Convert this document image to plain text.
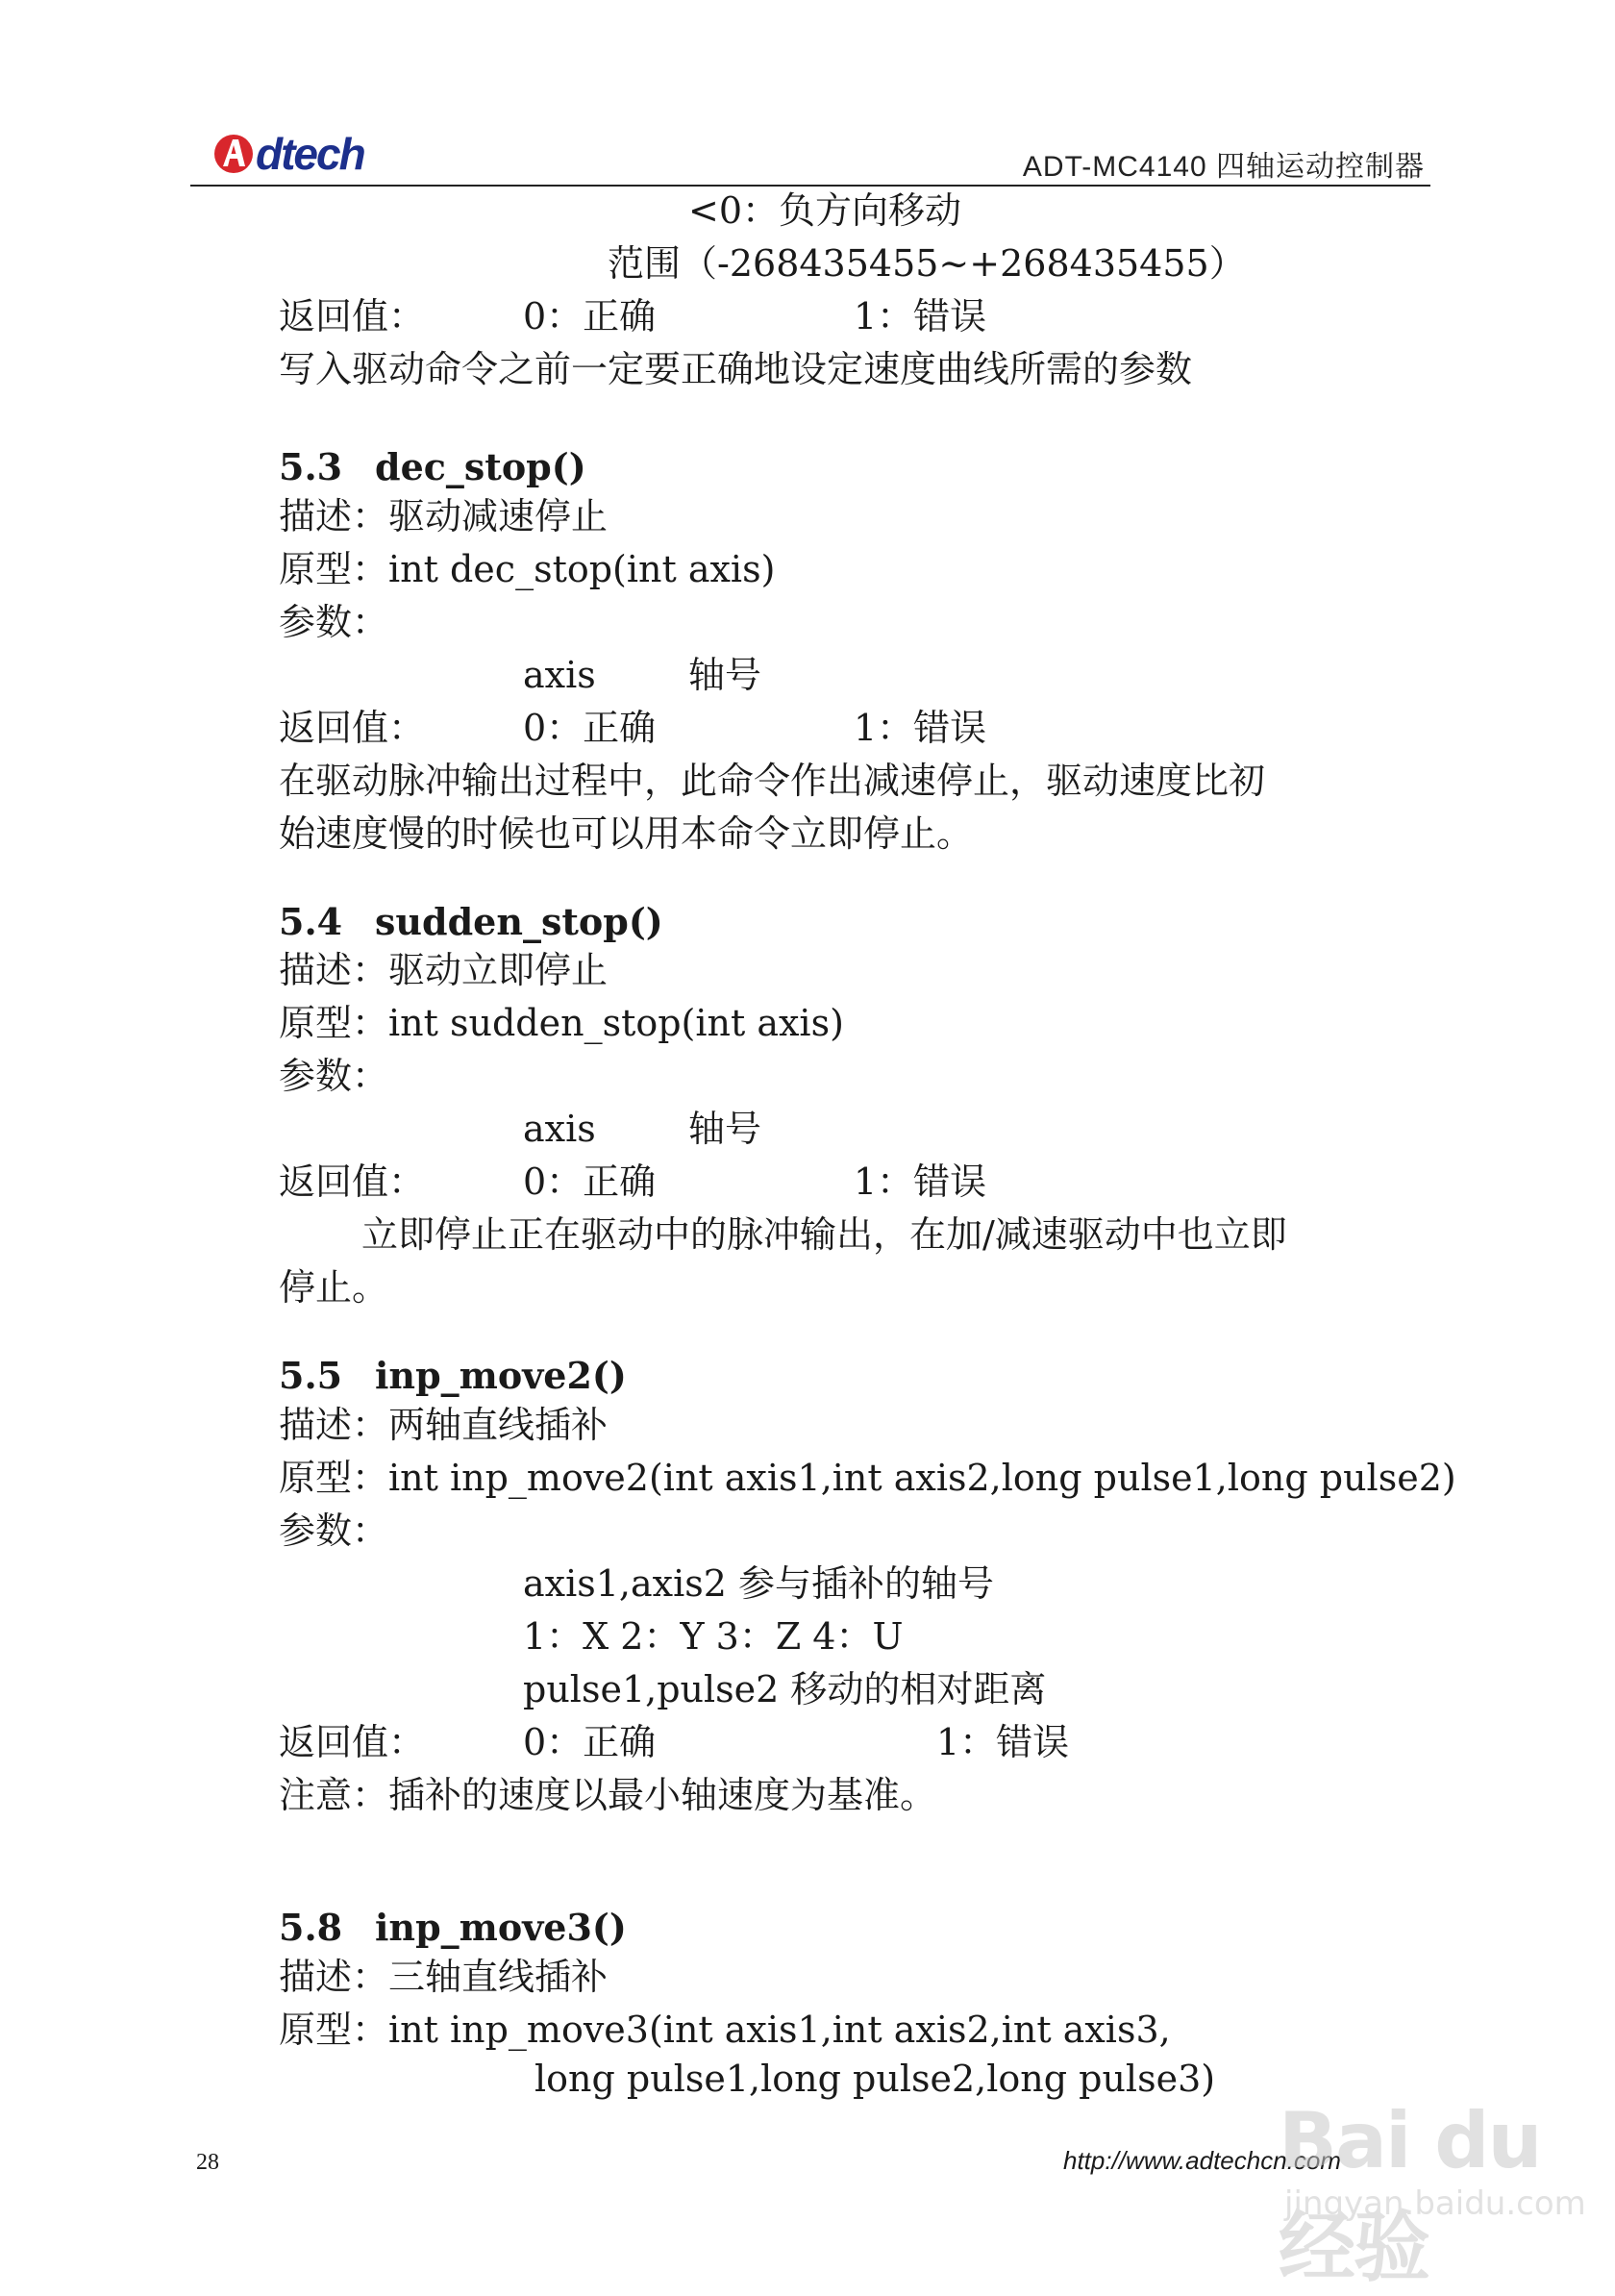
dtech	ADT-MC4140 四轴运动控制器
<0：负方向移动
范围（-268435455~+268435455）
返回值：	0：正确	1：错误
写入驱动命令之前一定要正确地设定速度曲线所需的参数
5.3 dec_stop()
描述：驱动减速停止
原型：int dec_stop(int axis)
参数：
axis	轴号
返回值：	0：正确	1：错误
在驱动脉冲输出过程中，此命令作出减速停止，驱动速度比初
始速度慢的时候也可以用本命令立即停止。
5.4 sudden_stop()
描述：驱动立即停止
原型：int sudden_stop(int axis)
参数：
axis	轴号
返回值：	0：正确	1：错误
立即停止正在驱动中的脉冲输出，在加/减速驱动中也立即
停止。
5.5 inp_move2()
描述：两轴直线插补
原型：int inp_move2(int axis1,int axis2,long pulse1,long pulse2)
参数：
axis1,axis2 参与插补的轴号
1：X 2：Y 3：Z 4：U
pulse1,pulse2 移动的相对距离
返回值：	0：正确	1：错误
注意：插补的速度以最小轴速度为基准。
5.8 inp_move3()
描述：三轴直线插补
原型：int inp_move3(int axis1,int axis2,int axis3,
long pulse1,long pulse2,long pulse3)
28	http://www.adtechcn.com
Bai du 经验
jingyan.baidu.com
